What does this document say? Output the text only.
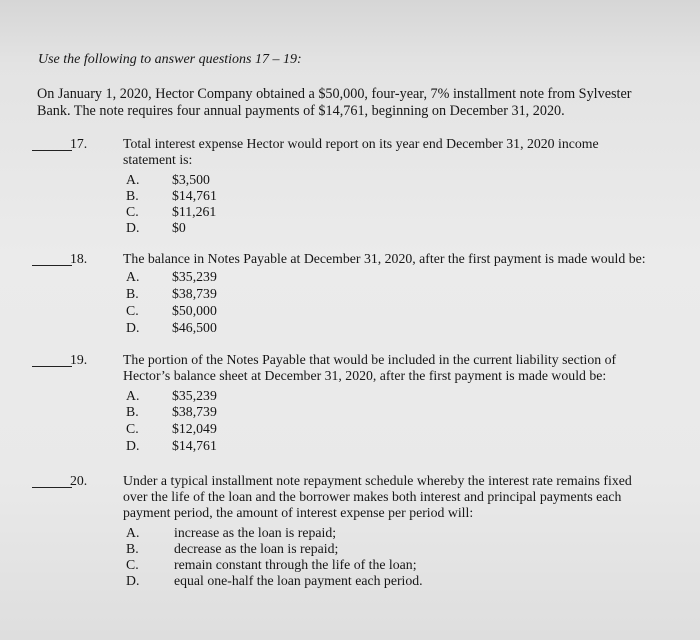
Use the following to answer questions 17 – 19:
On January 1, 2020, Hector Company obtained a $50,000, four-year, 7% installment note from Sylvester Bank. The note requires four annual payments of $14,761, beginning on December 31, 2020.
17.	Total interest expense Hector would report on its year end December 31, 2020 income statement is:
A. $3,500
B. $14,761
C. $11,261
D. $0
18.	The balance in Notes Payable at December 31, 2020, after the first payment is made would be:
A. $35,239
B. $38,739
C. $50,000
D. $46,500
19.	The portion of the Notes Payable that would be included in the current liability section of Hector’s balance sheet at December 31, 2020, after the first payment is made would be:
A. $35,239
B. $38,739
C. $12,049
D. $14,761
20.	Under a typical installment note repayment schedule whereby the interest rate remains fixed over the life of the loan and the borrower makes both interest and principal payments each payment period, the amount of interest expense per period will:
A.	increase as the loan is repaid;
B.	decrease as the loan is repaid;
C.	remain constant through the life of the loan;
D.	equal one-half the loan payment each period.
